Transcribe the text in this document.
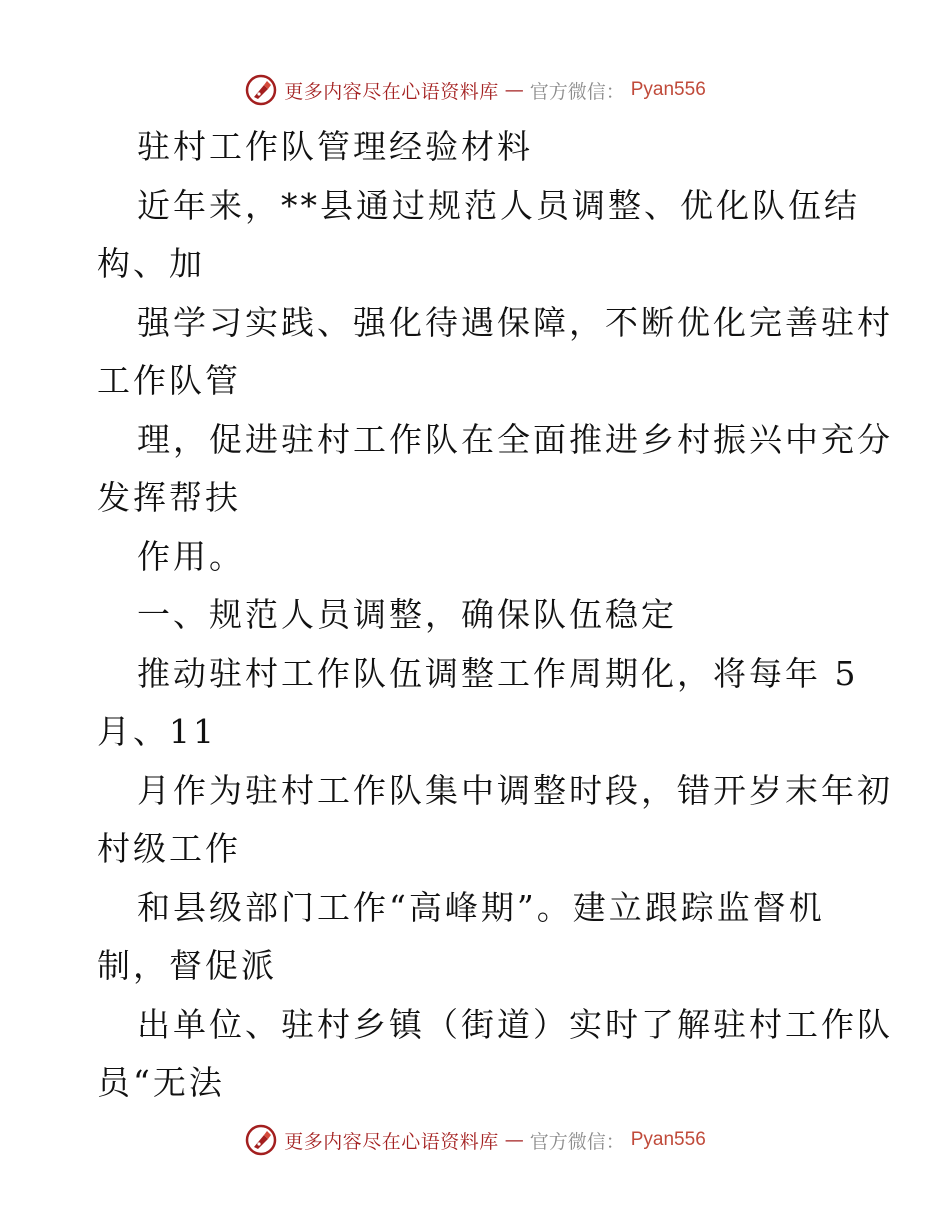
更多内容尽在心语资料库 — 官方微信： Pyan556
驻村工作队管理经验材料
近年来，**县通过规范人员调整、优化队伍结
构、加
强学习实践、强化待遇保障，不断优化完善驻村
工作队管
理，促进驻村工作队在全面推进乡村振兴中充分
发挥帮扶
作用。
一、规范人员调整，确保队伍稳定
推动驻村工作队伍调整工作周期化，将每年 5
月、11
月作为驻村工作队集中调整时段，错开岁末年初
村级工作
和县级部门工作“高峰期”。建立跟踪监督机
制，督促派
出单位、驻村乡镇（街道）实时了解驻村工作队
员“无法
更多内容尽在心语资料库 — 官方微信： Pyan556
